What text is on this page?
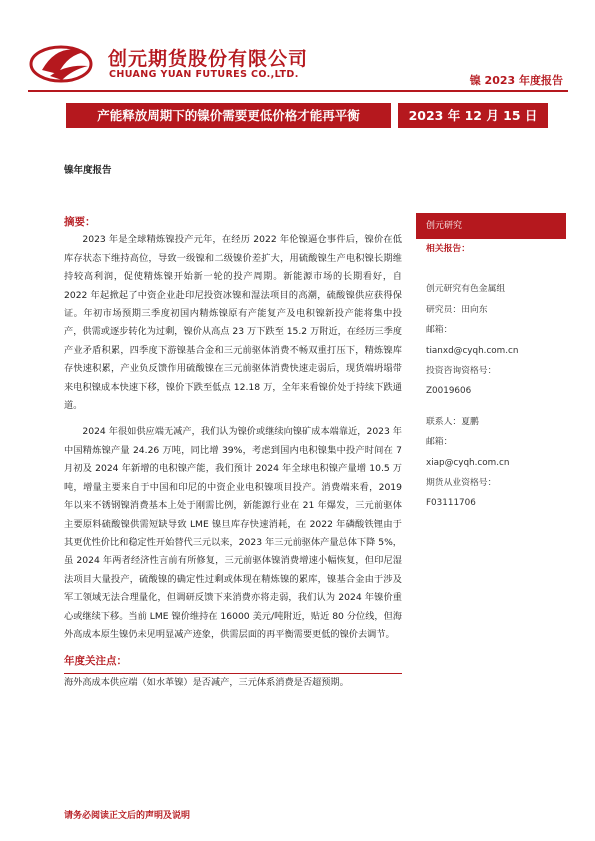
创元期货股份有限公司
CHUANG YUAN FUTURES CO.,LTD.	镍 2023 年度报告
产能释放周期下的镍价需要更低价格才能再平衡	2023 年 12 月 15 日
镍年度报告
摘要：

2023 年是全球精炼镍投产元年，在经历 2022 年伦镍逼仓事件后，镍价在低库存状态下维持高位，导致一级镍和二级镍价差扩大，用硫酸镍生产电积镍长期维持较高利润，促使精炼镍开始新一轮的投产周期。新能源市场的长期看好，自 2022 年起掀起了中资企业赴印尼投资冰镍和湿法项目的高潮，硫酸镍供应获得保证。年初市场预期三季度初国内精炼镍原有产能复产及电积镍新投产能将集中投产，供需或逐步转化为过剩，镍价从高点 23 万下跌至 15.2 万附近，在经历三季度产业矛盾积累，四季度下游镍基合金和三元前驱体消费不畅双重打压下，精炼镍库存快速积累，产业负反馈作用硫酸镍在三元前驱体消费快速走弱后，现货端坍塌带来电积镍成本快速下移，镍价下跌至低点 12.18 万，全年来看镍价处于持续下跌通道。

2024 年很如供应端无减产，我们认为镍价或继续向镍矿成本端靠近，2023 年中国精炼镍产量 24.26 万吨，同比增 39%，考虑到国内电积镍集中投产时间在 7 月初及 2024 年新增的电积镍产能，我们预计 2024 年全球电积镍产量增 10.5 万吨，增量主要来自于中国和印尼的中资企业电积镍项目投产。消费端来看，2019 年以来不锈钢镍消费基本上处于刚需比例，新能源行业在 21 年爆发，三元前驱体主要原料硫酸镍供需短缺导致 LME 镍旦库存快速消耗，在 2022 年磷酸铁锂由于其更优性价比和稳定性开始替代三元以来，2023 年三元前驱体产量总体下降 5%，虽 2024 年两者经济性言前有所修复，三元前驱体镍消费增速小幅恢复，但印尼湿法项目大量投产，硫酸镍的确定性过剩或体现在精炼镍的累库，镍基合金由于涉及军工领域无法合理量化，但调研反馈下来消费亦将走弱，我们认为 2024 年镍价重心或继续下移。当前 LME 镍价维持在 16000 美元/吨附近，贴近 80 分位线，但海外高成本原生镍仍未见明显减产迹象，供需层面的再平衡需要更低的镍价去调节。

年度关注点：
海外高成本供应端（如水革镍）是否减产，三元体系消费是否超预期。
创元研究
相关报告：
创元研究有色金属组
研究员：田向东
邮箱：
tianxd@cyqh.com.cn
投资咨询资格号：
Z0019606
联系人：夏鹏
邮箱：
xiap@cyqh.com.cn
期货从业资格号：
F03111706
请务必阅读正文后的声明及说明
